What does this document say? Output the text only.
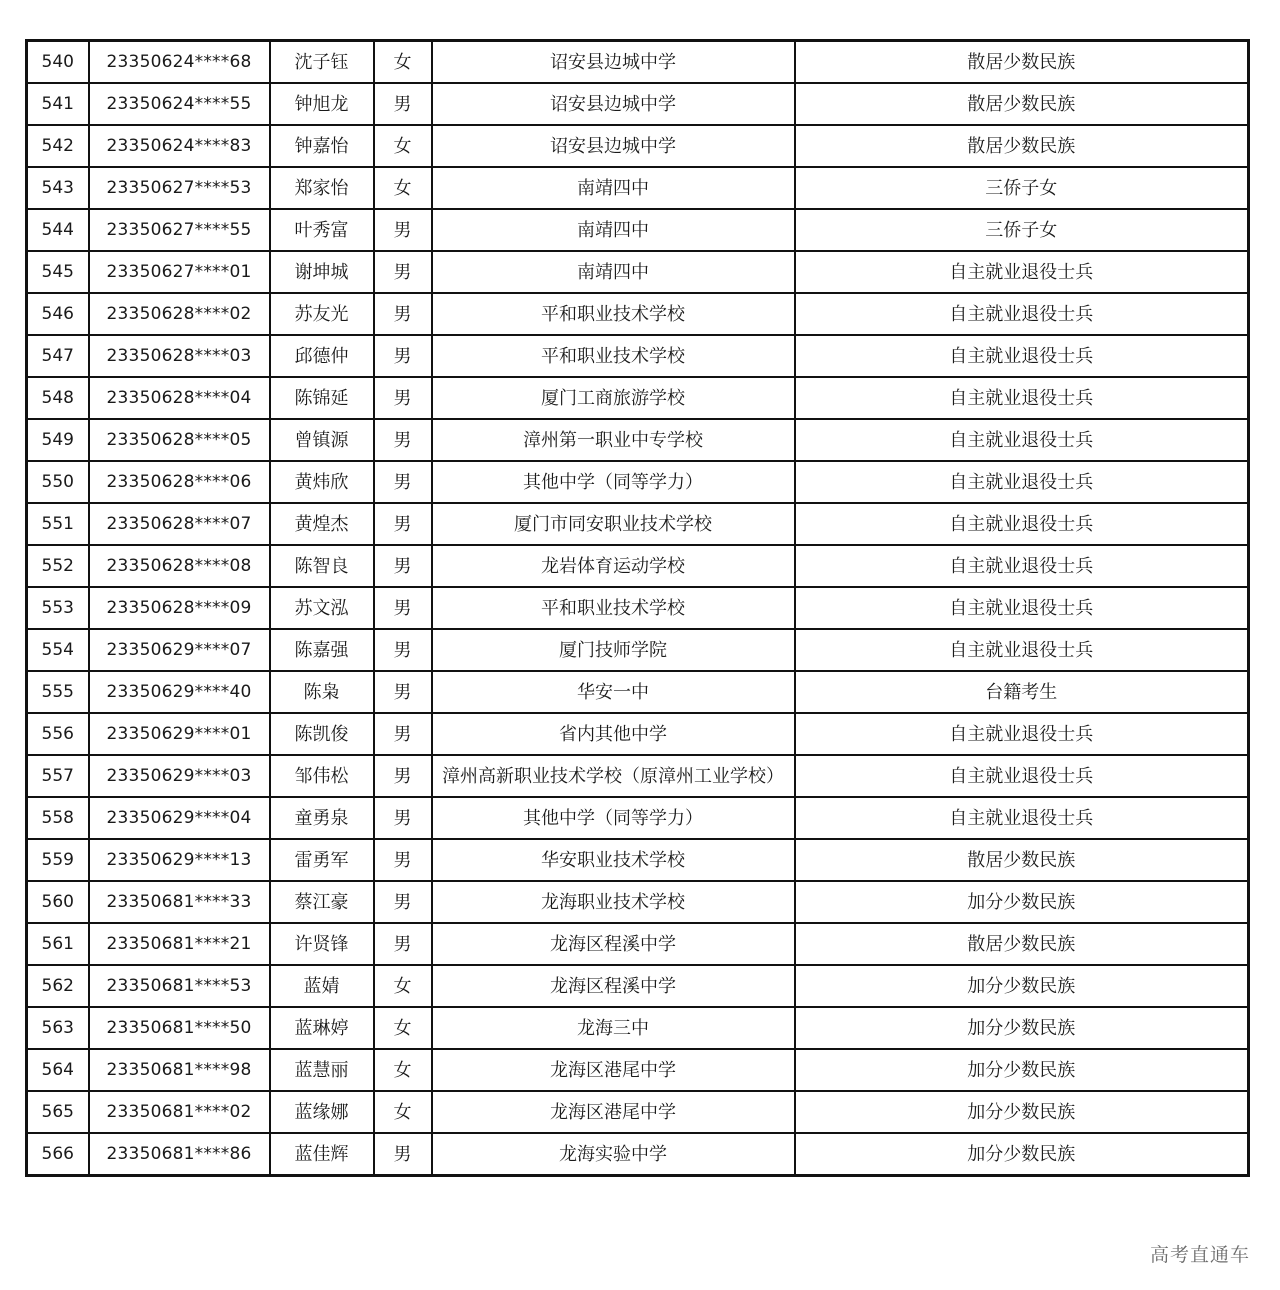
540	23350624****68	沈子钰	女	诏安县边城中学	散居少数民族
541	23350624****55	钟旭龙	男	诏安县边城中学	散居少数民族
542	23350624****83	钟嘉怡	女	诏安县边城中学	散居少数民族
543	23350627****53	郑家怡	女	南靖四中	三侨子女
544	23350627****55	叶秀富	男	南靖四中	三侨子女
545	23350627****01	谢坤城	男	南靖四中	自主就业退役士兵
546	23350628****02	苏友光	男	平和职业技术学校	自主就业退役士兵
547	23350628****03	邱德仲	男	平和职业技术学校	自主就业退役士兵
548	23350628****04	陈锦延	男	厦门工商旅游学校	自主就业退役士兵
549	23350628****05	曾镇源	男	漳州第一职业中专学校	自主就业退役士兵
550	23350628****06	黄炜欣	男	其他中学（同等学力）	自主就业退役士兵
551	23350628****07	黄煌杰	男	厦门市同安职业技术学校	自主就业退役士兵
552	23350628****08	陈智良	男	龙岩体育运动学校	自主就业退役士兵
553	23350628****09	苏文泓	男	平和职业技术学校	自主就业退役士兵
554	23350629****07	陈嘉强	男	厦门技师学院	自主就业退役士兵
555	23350629****40	陈枭	男	华安一中	台籍考生
556	23350629****01	陈凯俊	男	省内其他中学	自主就业退役士兵
557	23350629****03	邹伟松	男	漳州高新职业技术学校（原漳州工业学校）	自主就业退役士兵
558	23350629****04	童勇泉	男	其他中学（同等学力）	自主就业退役士兵
559	23350629****13	雷勇军	男	华安职业技术学校	散居少数民族
560	23350681****33	蔡江豪	男	龙海职业技术学校	加分少数民族
561	23350681****21	许贤锋	男	龙海区程溪中学	散居少数民族
562	23350681****53	蓝婧	女	龙海区程溪中学	加分少数民族
563	23350681****50	蓝琳婷	女	龙海三中	加分少数民族
564	23350681****98	蓝慧丽	女	龙海区港尾中学	加分少数民族
565	23350681****02	蓝缘娜	女	龙海区港尾中学	加分少数民族
566	23350681****86	蓝佳辉	男	龙海实验中学	加分少数民族
高考直通车
